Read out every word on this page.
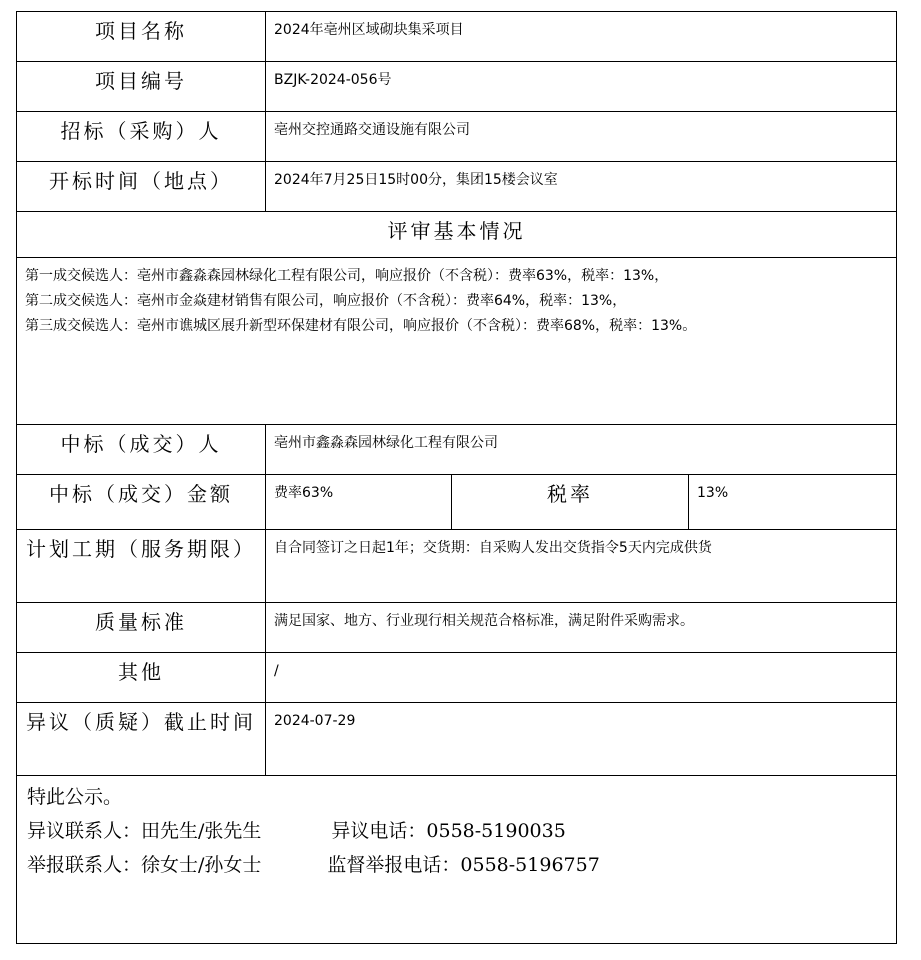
项目名称	2024年亳州区域砌块集采项目		
项目编号	BZJK-2024-056号		
招标（采购）人	亳州交控通路交通设施有限公司		
开标时间（地点）	2024年7月25日15时00分，集团15楼会议室		
评审基本情况			

第一成交候选人：亳州市鑫淼森园林绿化工程有限公司，响应报价（不含税）：费率63%，税率：13%，
第二成交候选人：亳州市金焱建材销售有限公司，响应报价（不含税）：费率64%，税率：13%，
第三成交候选人：亳州市谯城区展升新型环保建材有限公司，响应报价（不含税）：费率68%，税率：13%。			

中标（成交）人	亳州市鑫淼森园林绿化工程有限公司		
中标（成交）金额	费率63%	税率	13%
计划工期（服务期限）	自合同签订之日起1年；交货期：自采购人发出交货指令5天内完成供货		
质量标准	满足国家、地方、行业现行相关规范合格标准，满足附件采购需求。		
其他	/		
异议（质疑）截止时间	2024-07-29		

特此公示。
异议联系人：田先生/张先生 异议电话：0558-5190035
举报联系人：徐女士/孙女士 监督举报电话：0558-5196757			
